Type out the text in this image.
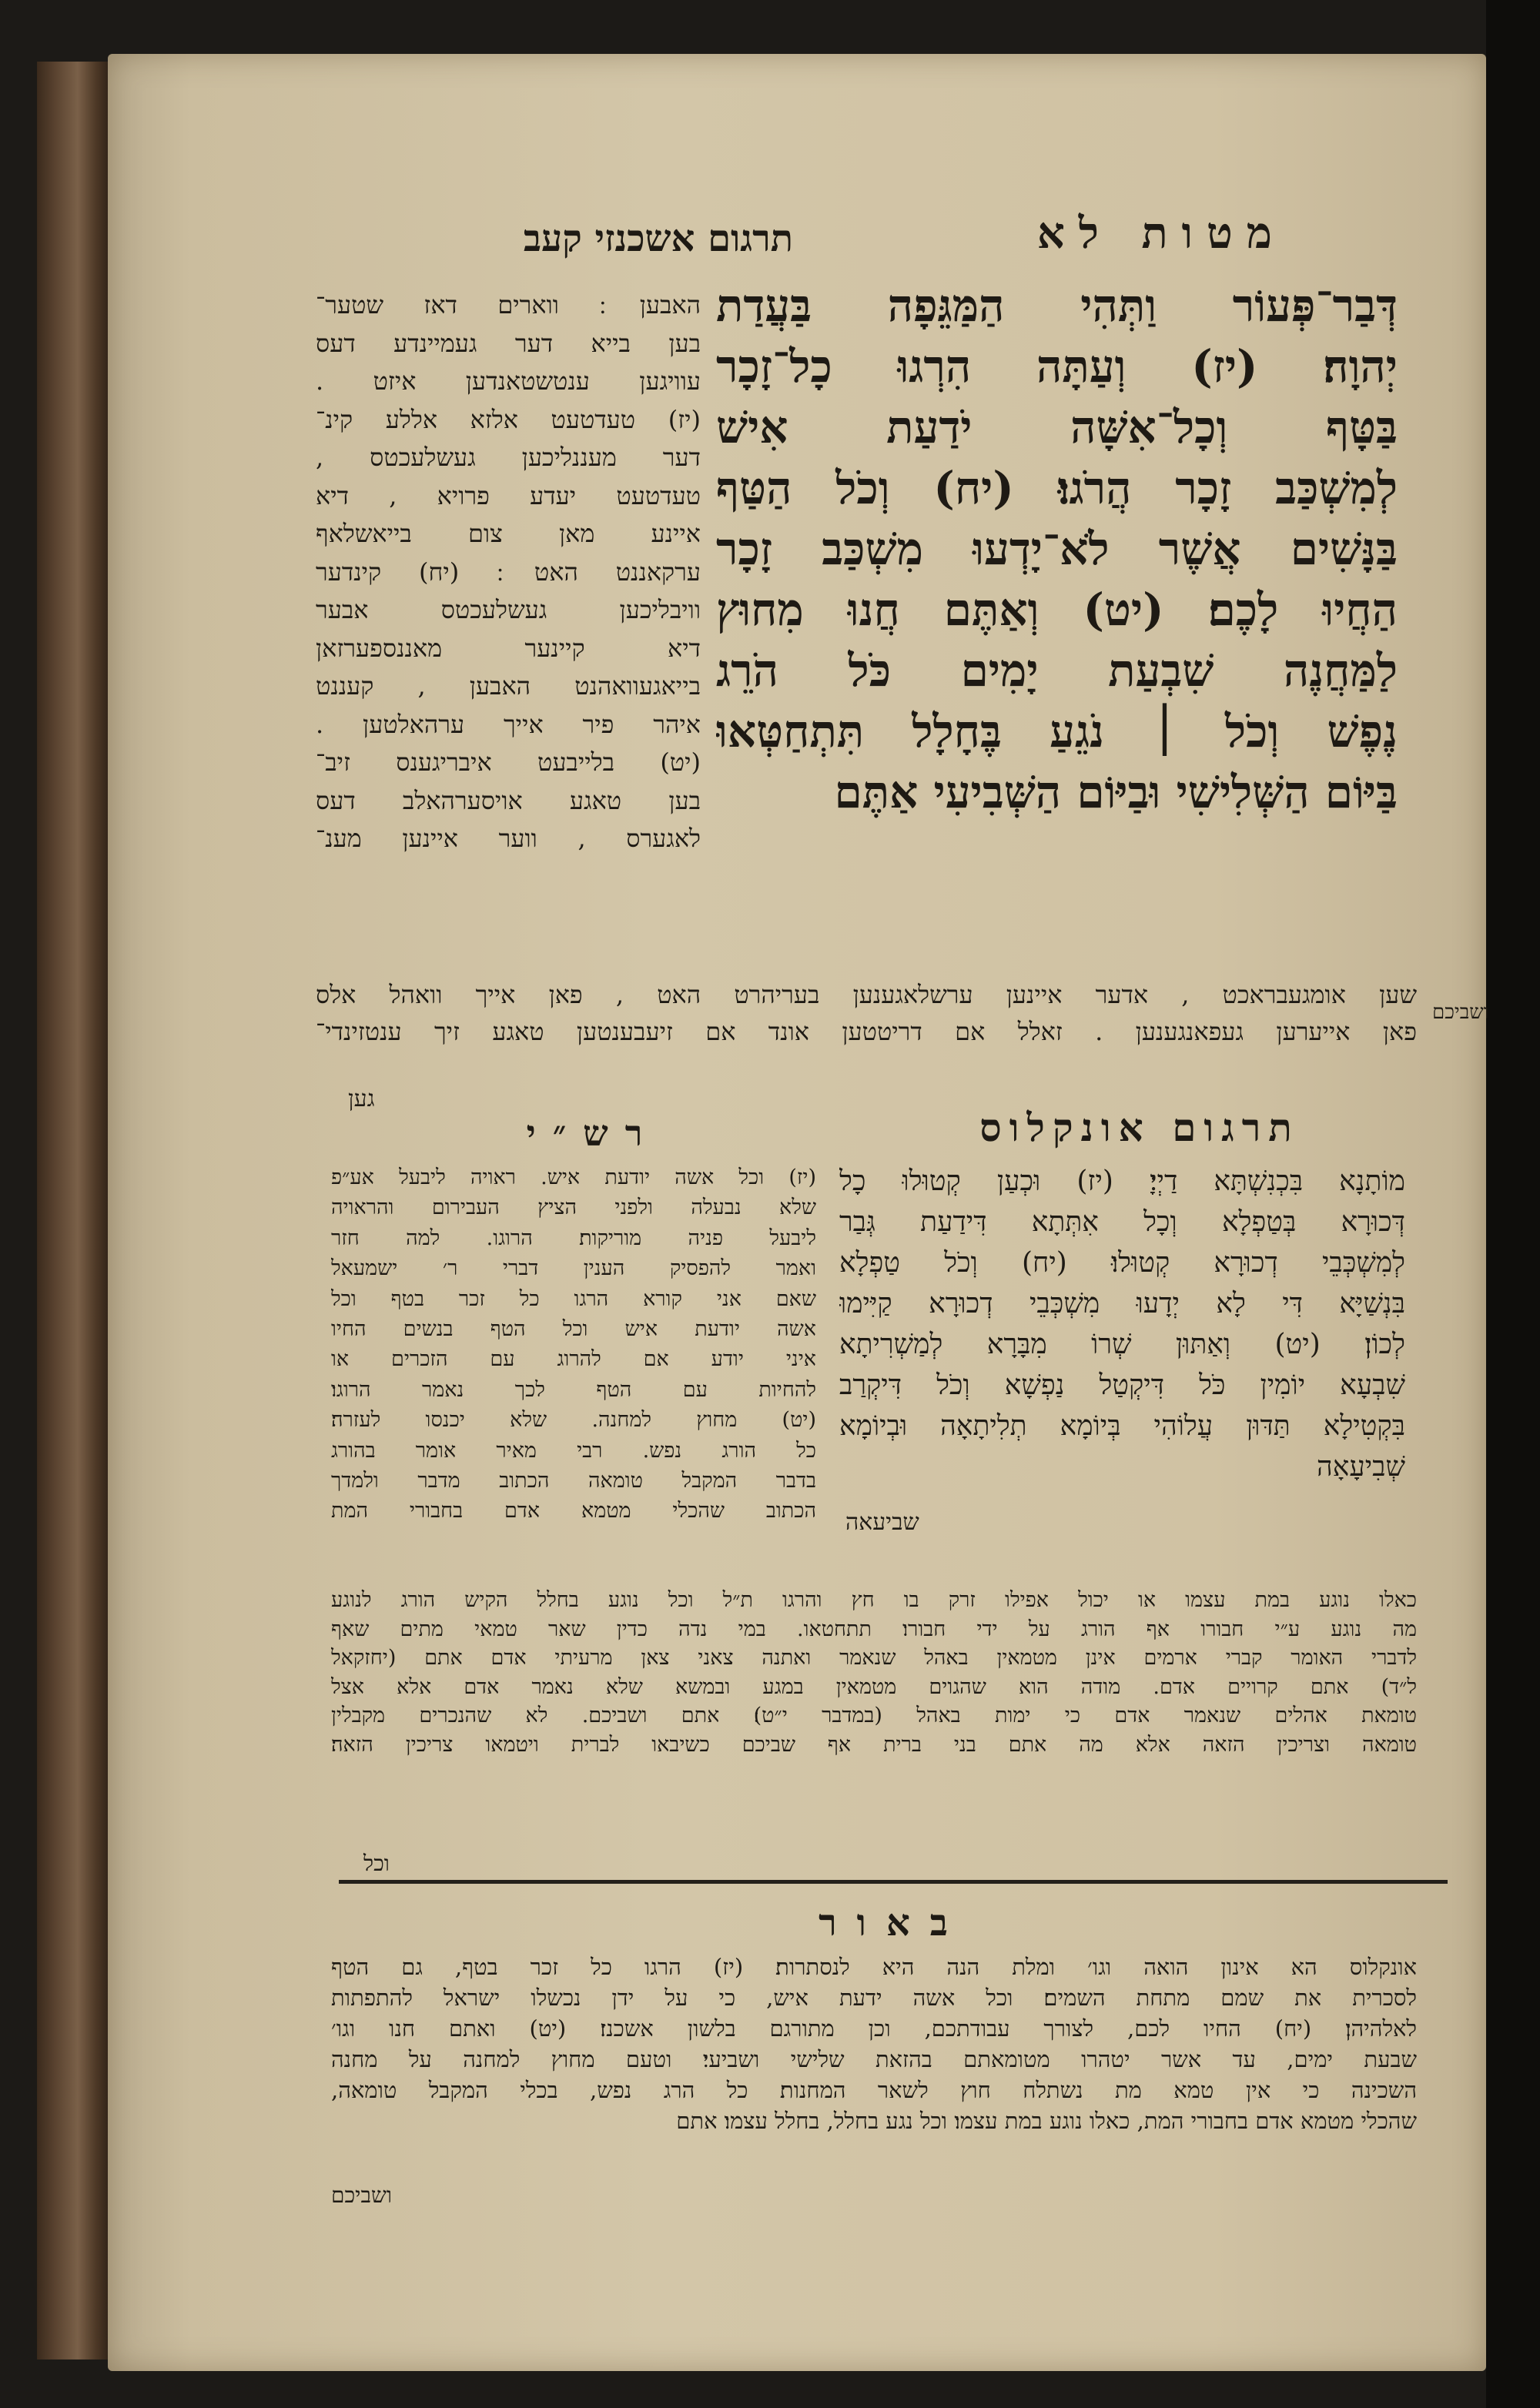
מטות לא
תרגום אשכנזי קעב
דְּבַר־פְּעוֹר וַתְּהִי הַמַּגֵּפָה בַּעֲדַת
יְהוָה׃ (יז) וְעַתָּה הִרְגוּ כָל־זָכָר
בַּטָּף וְכָל־אִשָּׁה יֹדַעַת אִישׁ
לְמִשְׁכַּב זָכָר הֲרֹגוּ׃ (יח) וְכֹל הַטַּף
בַּנָּשִׁים אֲשֶׁר לֹא־יָדְעוּ מִשְׁכַּב זָכָר
הַחֲיוּ לָכֶם׃ (יט) וְאַתֶּם חֲנוּ מִחוּץ
לַמַּחֲנֶה שִׁבְעַת יָמִים כֹּל הֹרֵג
נֶפֶשׁ וְכֹל ׀ נֹגֵעַ בֶּחָלָל תִּתְחַטְּאוּ
בַּיּוֹם הַשְּׁלִישִׁי וּבַיּוֹם הַשְּׁבִיעִי אַתֶּם
ושביכם
האבען ׃ ווארים דאז שטער־
בען בייא דער געמיינדע דעס
עוויגען ענטשטאנדען איזט .
(יז) טעדטעט אלזא אללע קינ־
דער מעננליכען געשלעכטס ,
טעדטעט יעדע פרויא , דיא
איינע מאן צום בייאשלאף
ערקאננט האט ׃ (יח) קינדער
וויבליכען געשלעכטס אבער
דיא קיינער מאננספערזאן
בייאגעוואהנט האבען , קעננט
איהר פיר אייך ערהאלטען .
(יט) בלייבעט איבריגענס זיב־
בען טאגע אויסערהאלב דעס
לאגערס , ווער איינען מענ־
שען אומגעבראכט , אדער איינען ערשלאגענען בעריהרט האט , פאן אייך וואהל אלס
פאן אייערען געפאנגענען . זאלל אם דריטטען אונד אם זיעבענטען טאגע זיך ענטזינדי־
גען
תרגום אונקלוס
רש״י
מוֹתָנָא בִּכְנִשְׁתָּא דַיְיָ׃ (יז) וּכְעַן קְטוּלוּ כָל
דְּכוּרָא בְּטַפְלָא וְכָל אִתְּתָא דִּידַעַת גְּבַר
לְמִשְׁכְּבֵי דְכוּרָא קְטוּלוּ׃ (יח) וְכֹל טַפְלָא
בִּנְשַׁיָּא דִּי לָא יְדָעוּ מִשְׁכְּבֵי דְכוּרָא קַיִּימוּ
לְכוֹן׃ (יט) וְאַתּוּן שְׁרוֹ מִבָּרָא לְמַשְׁרִיתָא
שִׁבְעָא יוֹמִין כֹּל דִּיקְטַל נַפְשָׁא וְכֹל דִּיקְרַב
בִּקְטִילָא תַּדּוּן עֲלוֹהִי בְּיוֹמָא תְלִיתָאָה וּבְיוֹמָא
שְׁבִיעָאָה
שביעאה
(יז) וכל אשה יודעת איש. ראויה ליבעל אע״פ
שלא נבעלה ולפני הציץ העבירום והראויה
ליבעל פניה מוריקות׃ הרוגו. למה חזר
ואמר להפסיק הענין דברי ר׳ ישמעאל
שאם אני קורא הרגו כל זכר בטף וכל
אשה יודעת איש וכל הטף בנשים החיו
איני יודע אם להרוג עם הזכרים או
להחיות עם הטף לכך נאמר הרוגו׃
(יט) מחוץ למחנה. שלא יכנסו לעזרה׃
כל הורג נפש. רבי מאיר אומר בהורג
בדבר המקבל טומאה הכתוב מדבר ולמדך
הכתוב שהכלי מטמא אדם בחבורי המת
כאלו נוגע במת עצמו או יכול אפילו זרק בו חץ והרגו ת״ל וכל נוגע בחלל הקיש הורג לנוגע
מה נוגע ע״י חבורו אף הורג על ידי חבורו׃ תתחטאו. במי נדה כדין שאר טמאי מתים שאף
לדברי האומר קברי ארמים אינן מטמאין באהל שנאמר ואתנה צאני צאן מרעיתי אדם אתם (יחזקאל
ל״ד) אתם קרויים אדם. מודה הוא שהגוים מטמאין במגע ובמשא שלא נאמר אדם אלא אצל
טומאת אהלים שנאמר אדם כי ימות באהל (במדבר י״ט)׃ אתם ושביכם. לא שהנכרים מקבלין
טומאה וצריכין הזאה אלא מה אתם בני ברית אף שביכם כשיבאו לברית ויטמאו צריכין הזאה׃
וכל
באור
אונקלוס הא אינון הואה וגו׳ ומלת הנה היא לנסתרות׃ (יז) הרגו כל זכר בטף, גם הטף
לסכרית את שמם מתחת השמים׃ וכל אשה ידעת איש, כי על ידן נכשלו ישראל להתפתות
לאלהיהן׃ (יח) החיו לכם, לצורך עבודתכם, וכן מתורגם בלשון אשכנז׃ (יט) ואתם חנו וגו׳
שבעת ימים, עד אשר יטהרו מטומאתם בהזאת שלישי ושביעי׃ וטעם מחוץ למחנה על מחנה
השכינה כי אין טמא מת נשתלח חוץ לשאר המחנות׃ כל הרג נפש, בכלי המקבל טומאה,
שהכלי מטמא אדם בחבורי המת, כאלו נוגע במת עצמו׃ וכל נגע בחלל, בחלל עצמו׃ אתם
ושביכם
